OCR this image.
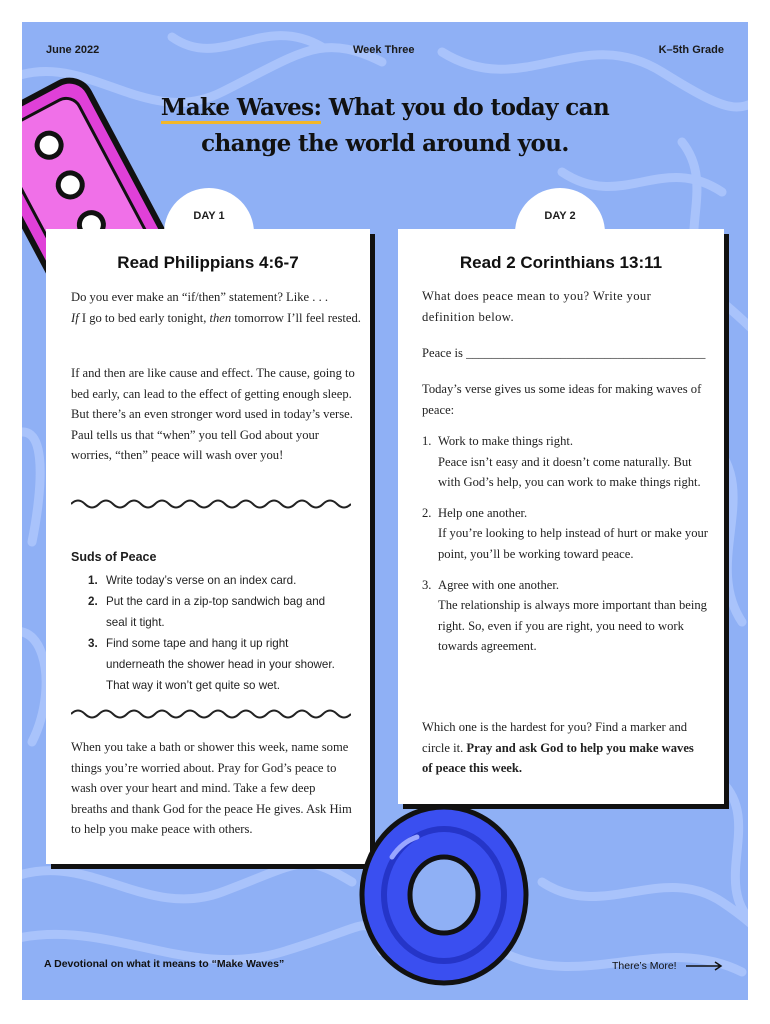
June 2022	Week Three	K–5th Grade
Make Waves: What you do today can
change the world around you.
DAY 1	DAY 2
Read Philippians 4:6-7
Do you ever make an “if/then” statement? Like . . .
If I go to bed early tonight, then tomorrow I’ll feel rested.
If and then are like cause and effect. The cause, going to bed early, can lead to the effect of getting enough sleep. But there’s an even stronger word used in today’s verse. Paul tells us that “when” you tell God about your worries, “then” peace will wash over you!
Suds of Peace
1. Write today’s verse on an index card.
2. Put the card in a zip-top sandwich bag and seal it tight.
3. Find some tape and hang it up right underneath the shower head in your shower. That way it won’t get quite so wet.
When you take a bath or shower this week, name some things you’re worried about. Pray for God’s peace to wash over your heart and mind. Take a few deep breaths and thank God for the peace He gives. Ask Him to help you make peace with others.
Read 2 Corinthians 13:11
What does peace mean to you? Write your definition below.
Peace is ______________________________________
Today’s verse gives us some ideas for making waves of peace:
1. Work to make things right.
Peace isn’t easy and it doesn’t come naturally. But with God’s help, you can work to make things right.
2. Help one another.
If you’re looking to help instead of hurt or make your point, you’ll be working toward peace.
3. Agree with one another.
The relationship is always more important than being right. So, even if you are right, you need to work towards agreement.
Which one is the hardest for you? Find a marker and circle it. Pray and ask God to help you make waves of peace this week.
A Devotional on what it means to “Make Waves”	There’s More!
